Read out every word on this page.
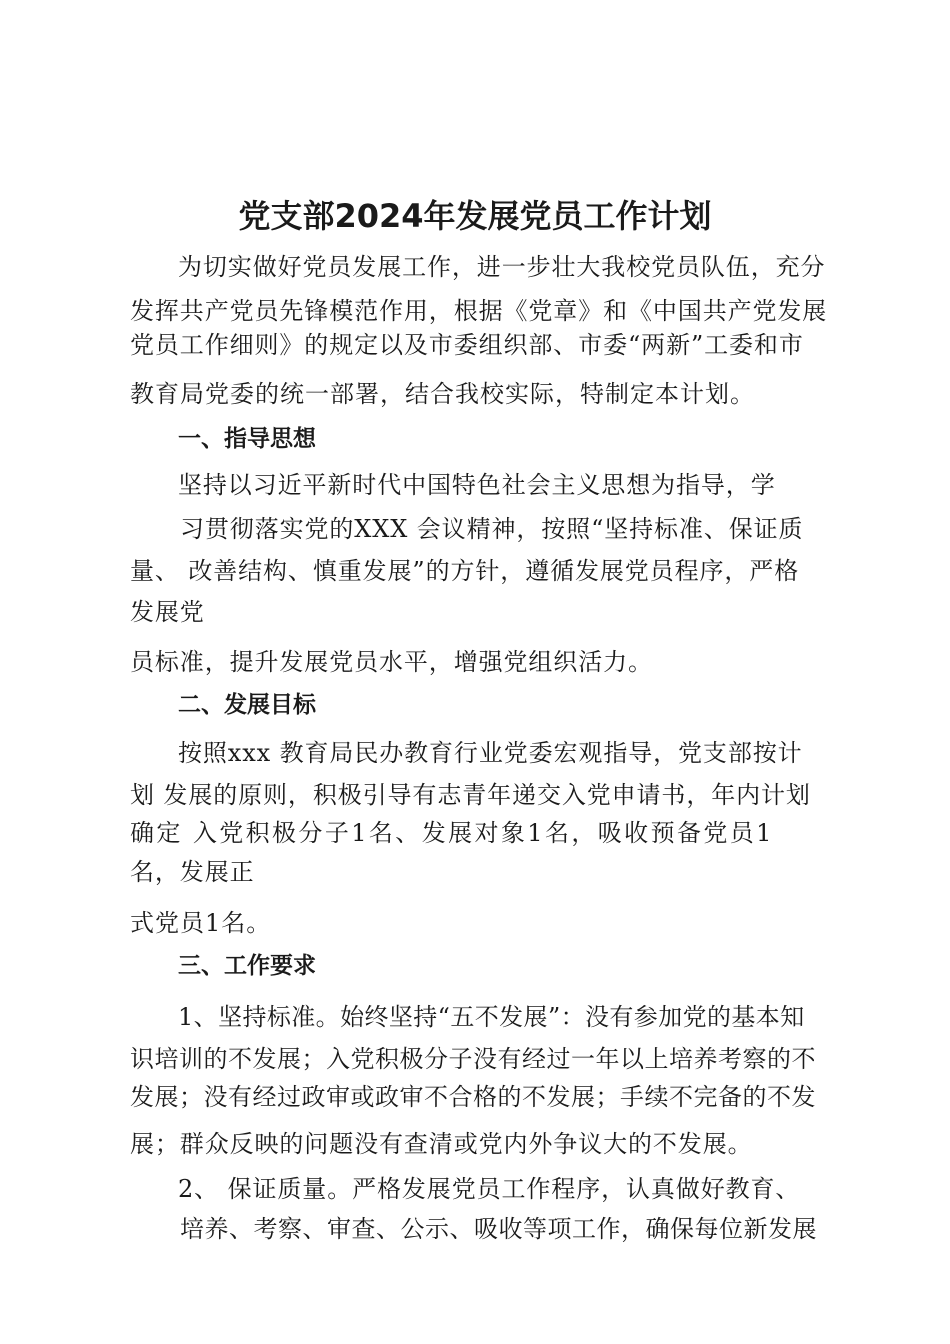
党支部2024年发展党员工作计划
为切实做好党员发展工作，进一步壮大我校党员队伍，充分
发挥共产党员先锋模范作用，根据《党章》和《中国共产党发展
党员工作细则》的规定以及市委组织部、市委“两新”工委和市
教育局党委的统一部署，结合我校实际，特制定本计划。
一、指导思想
坚持以习近平新时代中国特色社会主义思想为指导，学
习贯彻落实党的XXX 会议精神，按照“坚持标准、保证质
量、 改善结构、慎重发展”的方针，遵循发展党员程序，严格
发展党
员标准，提升发展党员水平，增强党组织活力。
二、发展目标
按照xxx 教育局民办教育行业党委宏观指导，党支部按计
划 发展的原则，积极引导有志青年递交入党申请书，年内计划
确定 入党积极分子1名、发展对象1名，吸收预备党员1
名，发展正
式党员1名。
三、工作要求
1、坚持标准。始终坚持“五不发展”：没有参加党的基本知
识培训的不发展；入党积极分子没有经过一年以上培养考察的不
发展；没有经过政审或政审不合格的不发展；手续不完备的不发
展；群众反映的问题没有查清或党内外争议大的不发展。
2、 保证质量。严格发展党员工作程序，认真做好教育、
培养、考察、审查、公示、吸收等项工作，确保每位新发展
